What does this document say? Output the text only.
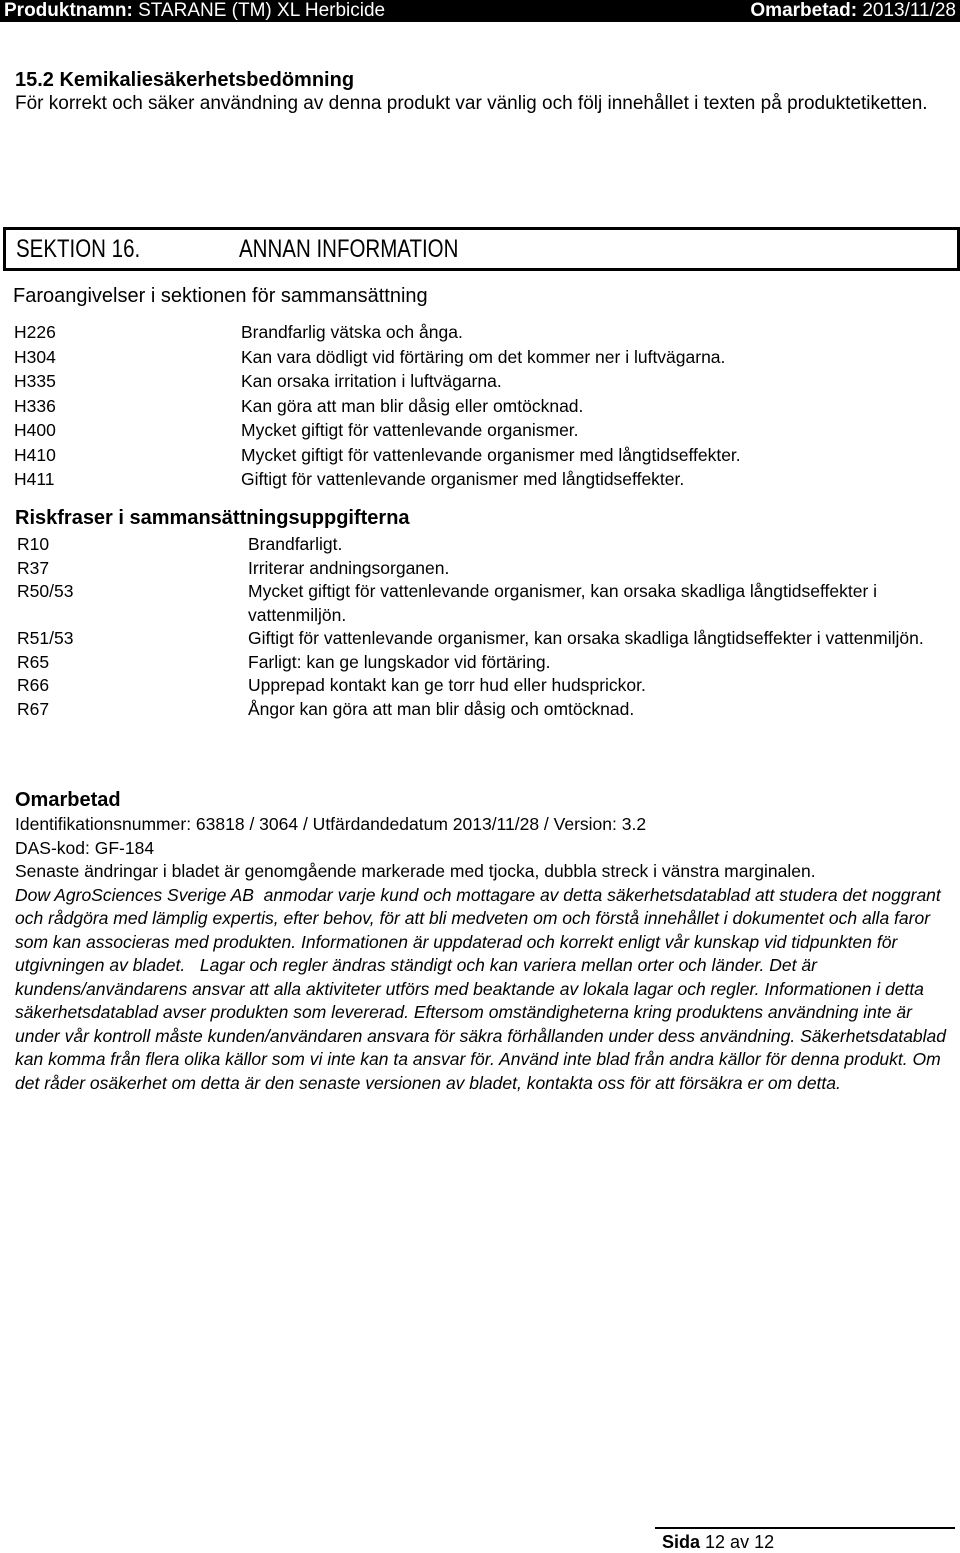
Produktnamn: STARANE (TM) XL Herbicide	Omarbetad: 2013/11/28
15.2 Kemikaliesäkerhetsbedömning
För korrekt och säker användning av denna produkt var vänlig och följ innehållet i texten på produktetiketten.
SEKTION 16.	ANNAN INFORMATION
Faroangivelser i sektionen för sammansättning
H226	Brandfarlig vätska och ånga.
H304	Kan vara dödligt vid förtäring om det kommer ner i luftvägarna.
H335	Kan orsaka irritation i luftvägarna.
H336	Kan göra att man blir dåsig eller omtöcknad.
H400	Mycket giftigt för vattenlevande organismer.
H410	Mycket giftigt för vattenlevande organismer med långtidseffekter.
H411	Giftigt för vattenlevande organismer med långtidseffekter.
Riskfraser i sammansättningsuppgifterna
R10	Brandfarligt.
R37	Irriterar andningsorganen.
R50/53	Mycket giftigt för vattenlevande organismer, kan orsaka skadliga långtidseffekter i vattenmiljön.
R51/53	Giftigt för vattenlevande organismer, kan orsaka skadliga långtidseffekter i vattenmiljön.
R65	Farligt: kan ge lungskador vid förtäring.
R66	Upprepad kontakt kan ge torr hud eller hudsprickor.
R67	Ångor kan göra att man blir dåsig och omtöcknad.
Omarbetad
Identifikationsnummer: 63818 / 3064 / Utfärdandedatum 2013/11/28 / Version: 3.2
DAS-kod: GF-184
Senaste ändringar i bladet är genomgående markerade med tjocka, dubbla streck i vänstra marginalen.
Dow AgroSciences Sverige AB  anmodar varje kund och mottagare av detta säkerhetsdatablad att studera det noggrant och rådgöra med lämplig expertis, efter behov, för att bli medveten om och förstå innehållet i dokumentet och alla faror som kan associeras med produkten. Informationen är uppdaterad och korrekt enligt vår kunskap vid tidpunkten för utgivningen av bladet.   Lagar och regler ändras ständigt och kan variera mellan orter och länder. Det är kundens/användarens ansvar att alla aktiviteter utförs med beaktande av lokala lagar och regler. Informationen i detta säkerhetsdatablad avser produkten som levererad. Eftersom omständigheterna kring produktens användning inte är under vår kontroll måste kunden/användaren ansvara för säkra förhållanden under dess användning. Säkerhetsdatablad kan komma från flera olika källor som vi inte kan ta ansvar för. Använd inte blad från andra källor för denna produkt. Om det råder osäkerhet om detta är den senaste versionen av bladet, kontakta oss för att försäkra er om detta.
Sida 12 av 12
